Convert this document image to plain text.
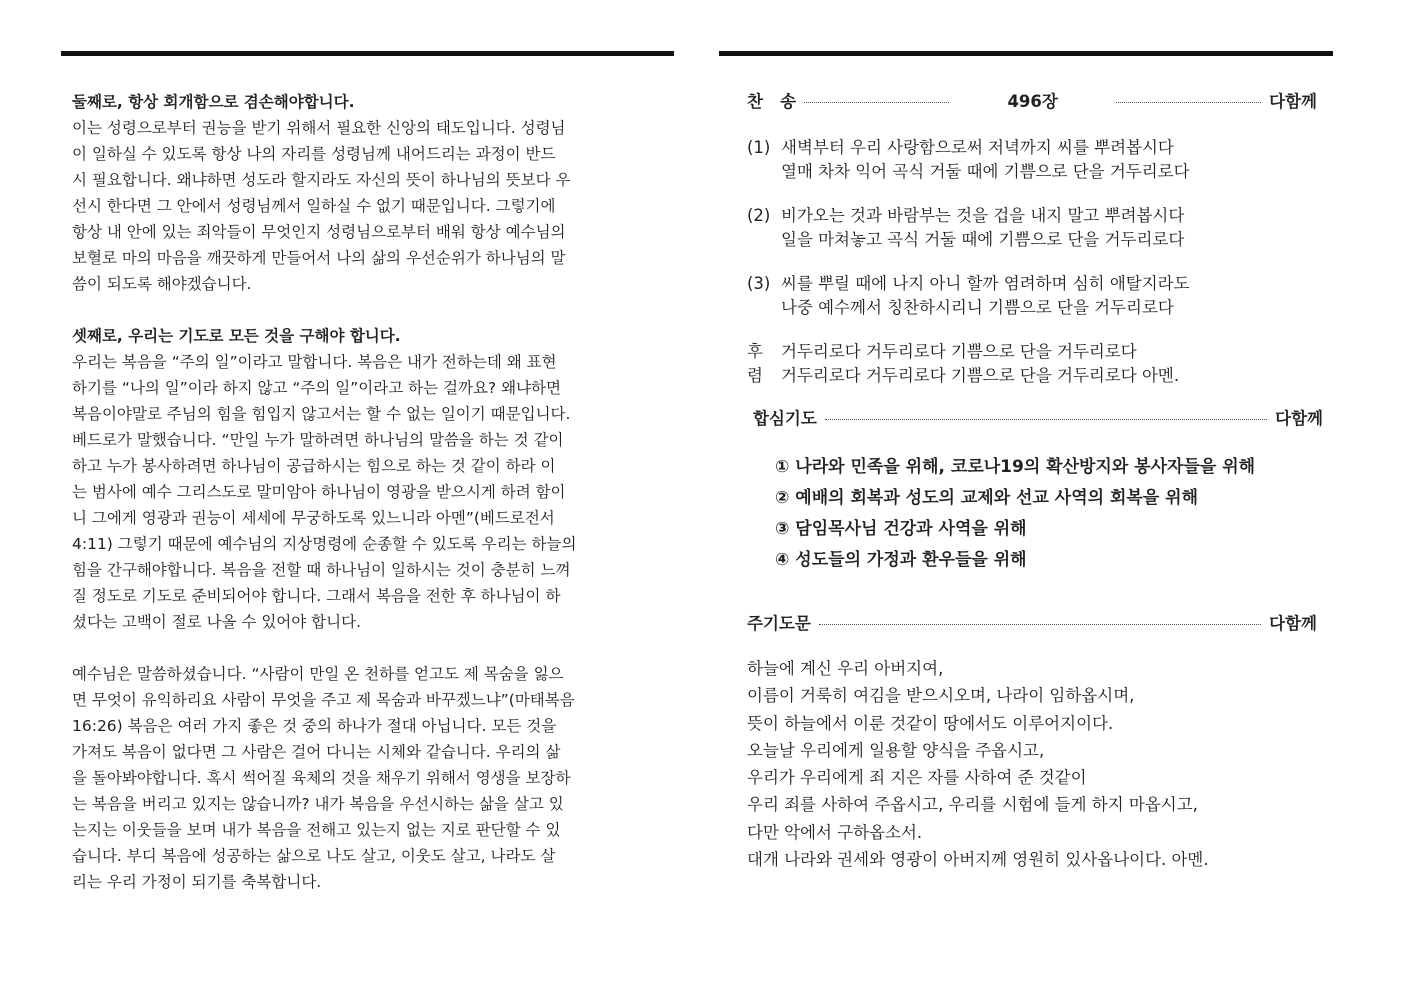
둘째로, 항상 회개함으로 겸손해야합니다.
이는 성령으로부터 권능을 받기 위해서 필요한 신앙의 태도입니다. 성령님
이 일하실 수 있도록 항상 나의 자리를 성령님께 내어드리는 과정이 반드
시 필요합니다. 왜냐하면 성도라 할지라도 자신의 뜻이 하나님의 뜻보다 우
선시 한다면 그 안에서 성령님께서 일하실 수 없기 때문입니다. 그렇기에
항상 내 안에 있는 죄악들이 무엇인지 성령님으로부터 배워 항상 예수님의
보혈로 마의 마음을 깨끗하게 만들어서 나의 삶의 우선순위가 하나님의 말
씀이 되도록 해야겠습니다.
셋째로, 우리는 기도로 모든 것을 구해야 합니다.
우리는 복음을 “주의 일”이라고 말합니다. 복음은 내가 전하는데 왜 표현
하기를 “나의 일”이라 하지 않고 “주의 일”이라고 하는 걸까요? 왜냐하면
복음이야말로 주님의 힘을 힘입지 않고서는 할 수 없는 일이기 때문입니다.
베드로가 말했습니다. “만일 누가 말하려면 하나님의 말씀을 하는 것 같이
하고 누가 봉사하려면 하나님이 공급하시는 힘으로 하는 것 같이 하라 이
는 범사에 예수 그리스도로 말미암아 하나님이 영광을 받으시게 하려 함이
니 그에게 영광과 권능이 세세에 무궁하도록 있느니라 아멘”(베드로전서
4:11) 그렇기 때문에 예수님의 지상명령에 순종할 수 있도록 우리는 하늘의
힘을 간구해야합니다. 복음을 전할 때 하나님이 일하시는 것이 충분히 느껴
질 정도로 기도로 준비되어야 합니다. 그래서 복음을 전한 후 하나님이 하
셨다는 고백이 절로 나올 수 있어야 합니다.
예수님은 말씀하셨습니다. “사람이 만일 온 천하를 얻고도 제 목숨을 잃으
면 무엇이 유익하리요 사람이 무엇을 주고 제 목숨과 바꾸겠느냐”(마태복음
16:26) 복음은 여러 가지 좋은 것 중의 하나가 절대 아닙니다. 모든 것을
가져도 복음이 없다면 그 사람은 걸어 다니는 시체와 같습니다. 우리의 삶
을 돌아봐야합니다. 혹시 썩어질 육체의 것을 채우기 위해서 영생을 보장하
는 복음을 버리고 있지는 않습니까? 내가 복음을 우선시하는 삶을 살고 있
는지는 이웃들을 보며 내가 복음을 전해고 있는지 없는 지로 판단할 수 있
습니다. 부디 복음에 성공하는 삶으로 나도 살고, 이웃도 살고, 나라도 살
리는 우리 가정이 되기를 축복합니다.
찬   송	496장	다함께
(1) 새벽부터 우리 사랑함으로써 저녁까지 씨를 뿌려봅시다
열매 차차 익어 곡식 거둘 때에 기쁨으로 단을 거두리로다
(2) 비가오는 것과 바람부는 것을 겁을 내지 말고 뿌려봅시다
일을 마쳐놓고 곡식 거둘 때에 기쁨으로 단을 거두리로다
(3) 씨를 뿌릴 때에 나지 아니 할까 염려하며 심히 애탈지라도
나중 예수께서 칭찬하시리니 기쁨으로 단을 거두리로다
후	거두리로다 거두리로다 기쁨으로 단을 거두리로다
렴	거두리로다 거두리로다 기쁨으로 단을 거두리로다 아멘.
합심기도	다함께
① 나라와 민족을 위해, 코로나19의 확산방지와 봉사자들을 위해
② 예배의 회복과 성도의 교제와 선교 사역의 회복을 위해
③ 담임목사님 건강과 사역을 위해
④ 성도들의 가정과 환우들을 위해
주기도문	다함께
하늘에 계신 우리 아버지여,
이름이 거룩히 여김을 받으시오며, 나라이 임하옵시며,
뜻이 하늘에서 이룬 것같이 땅에서도 이루어지이다.
오늘날 우리에게 일용할 양식을 주옵시고,
우리가 우리에게 죄 지은 자를 사하여 준 것같이
우리 죄를 사하여 주옵시고, 우리를 시험에 들게 하지 마옵시고,
다만 악에서 구하옵소서.
대개 나라와 권세와 영광이 아버지께 영원히 있사옵나이다. 아멘.
